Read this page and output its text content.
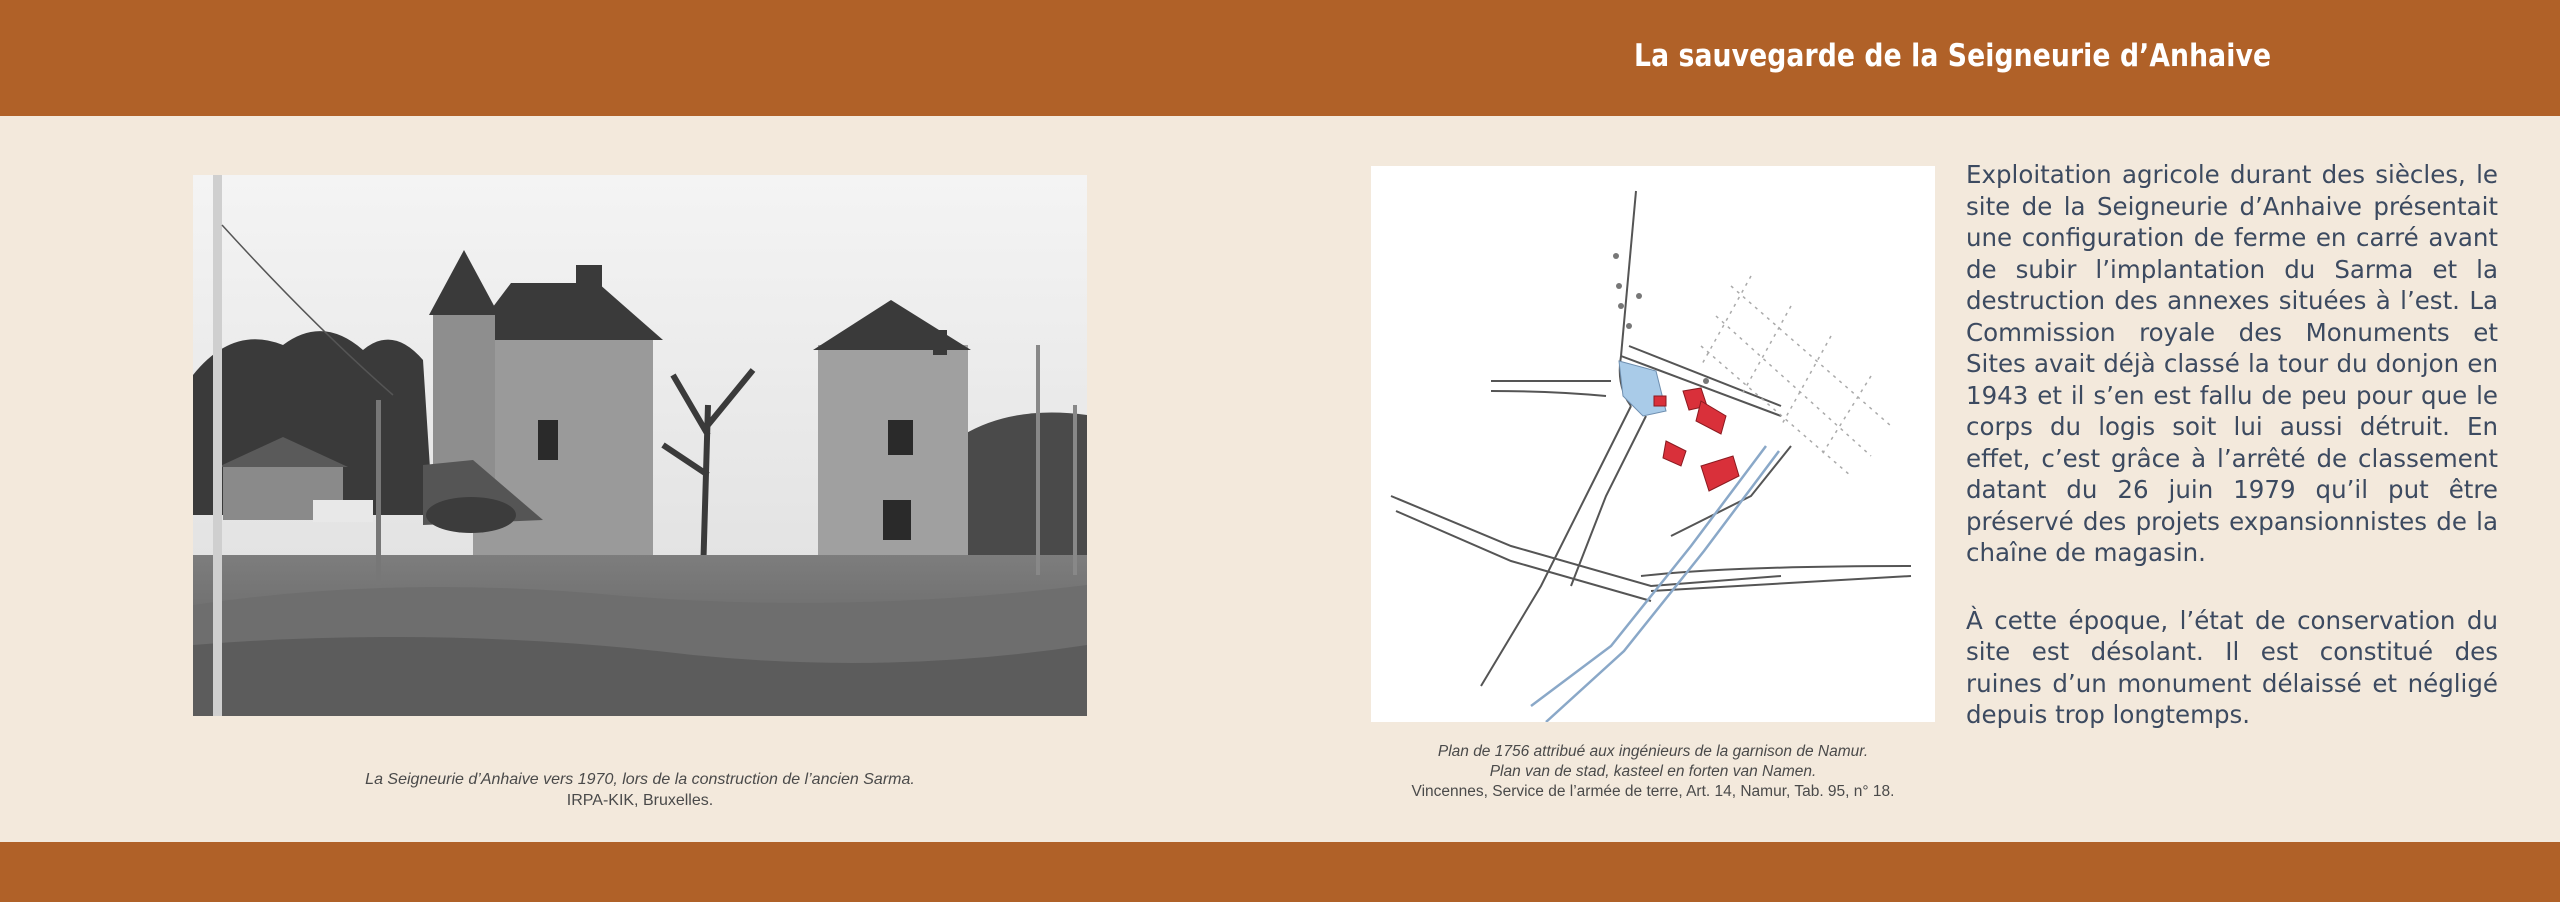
La sauvegarde de la Seigneurie d’Anhaive
La Seigneurie d’Anhaive vers 1970, lors de la construction de l’ancien Sarma.
IRPA-KIK, Bruxelles.
Plan de 1756 attribué aux ingénieurs de la garnison de Namur.
Plan van de stad, kasteel en forten van Namen.
Vincennes, Service de l’armée de terre, Art. 14, Namur, Tab. 95, n° 18.

Exploitation agricole durant des siècles, le site de la Seigneurie d’Anhaive présentait une configuration de ferme en carré avant de subir l’implantation du Sarma et la destruction des annexes situées à l’est. La Commission royale des Monuments et Sites avait déjà classé la tour du donjon en 1943 et il s’en est fallu de peu pour que le corps du logis soit lui aussi détruit. En effet, c’est grâce à l’arrêté de classement datant du 26 juin 1979 qu’il put être préservé des projets expansionnistes de la chaîne de magasin.

À cette époque, l’état de conservation du site est désolant. Il est constitué des ruines d’un monument délaissé et négligé depuis trop longtemps.
